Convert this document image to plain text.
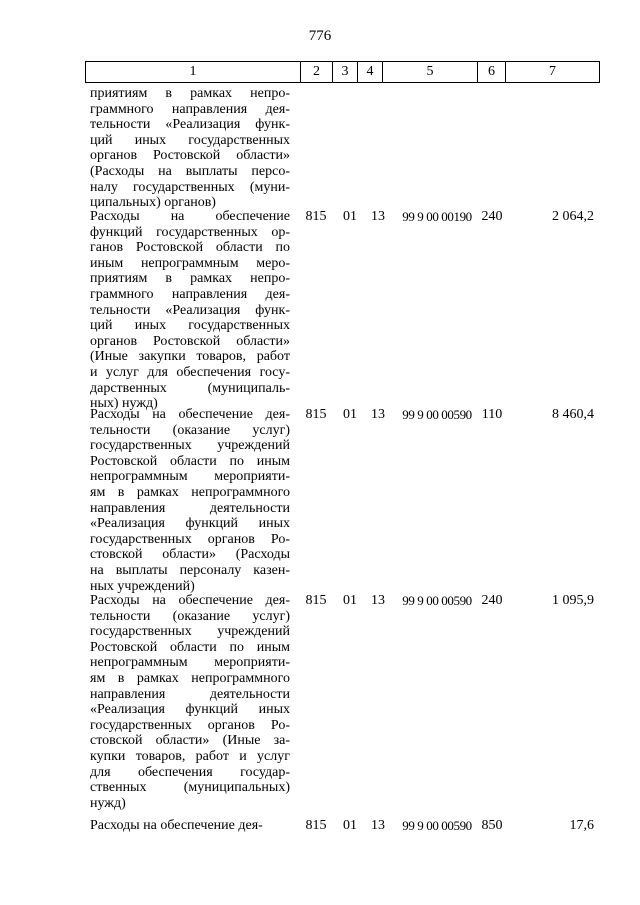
776
1	2	3	4	5	6	7
приятиям в рамках непро-
граммного направления дея-
тельности «Реализация функ-
ций иных государственных
органов Ростовской области»
(Расходы на выплаты персо-
налу государственных (муни-
ципальных) органов)
Расходы на обеспечение
функций государственных ор-
ганов Ростовской области по
иным непрограммным меро-
приятиям в рамках непро-
граммного направления дея-
тельности «Реализация функ-
ций иных государственных
органов Ростовской области»
(Иные закупки товаров, работ
и услуг для обеспечения госу-
дарственных (муниципаль-
ных) нужд)
815	01	13	99 9 00 00190 240	2 064,2
Расходы на обеспечение дея-
тельности (оказание услуг)
государственных учреждений
Ростовской области по иным
непрограммным мероприяти-
ям в рамках непрограммного
направления деятельности
«Реализация функций иных
государственных органов Ро-
стовской области» (Расходы
на выплаты персоналу казен-
ных учреждений)
815	01	13	99 9 00 00590 110	8 460,4
Расходы на обеспечение дея-
тельности (оказание услуг)
государственных учреждений
Ростовской области по иным
непрограммным мероприяти-
ям в рамках непрограммного
направления деятельности
«Реализация функций иных
государственных органов Ро-
стовской области» (Иные за-
купки товаров, работ и услуг
для обеспечения государ-
ственных (муниципальных)
нужд)
815	01	13	99 9 00 00590 240	1 095,9
Расходы на обеспечение дея-	815	01	13	99 9 00 00590 850	17,6
